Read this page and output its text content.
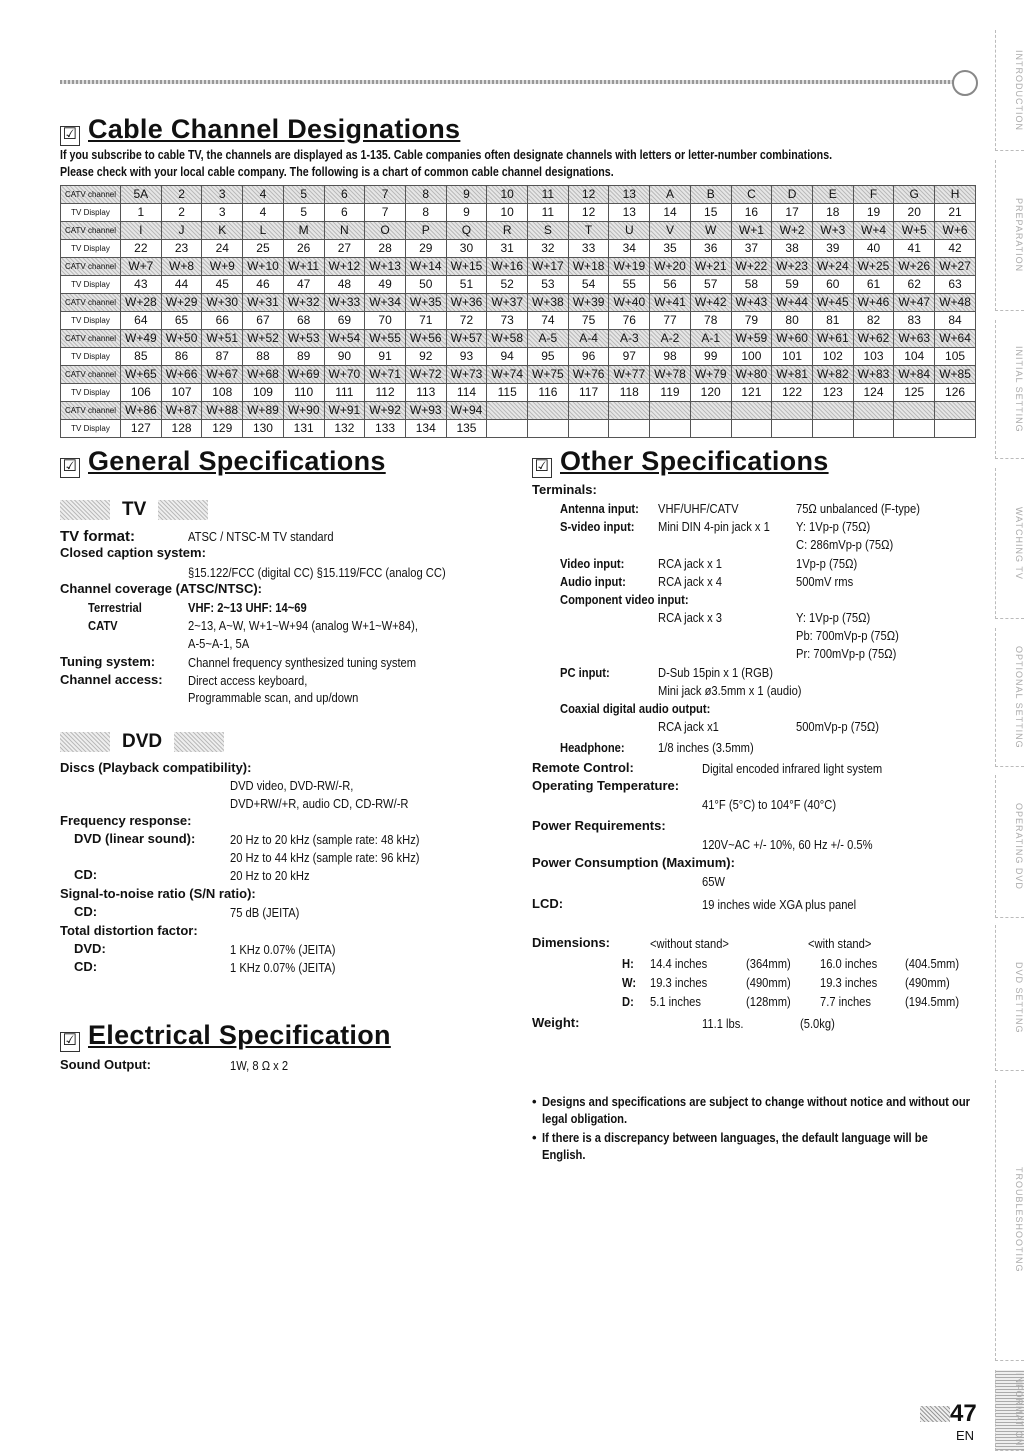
☑ Cable Channel Designations
If you subscribe to cable TV, the channels are displayed as 1-135. Cable companies often designate channels with letters or letter-number combinations.
Please check with your local cable company. The following is a chart of common cable channel designations.
CATV channel	5A	2	3	4	5	6	7	8	9	10	11	12	13	A	B	C	D	E	F	G	H
TV Display	1	2	3	4	5	6	7	8	9	10	11	12	13	14	15	16	17	18	19	20	21
CATV channel	I	J	K	L	M	N	O	P	Q	R	S	T	U	V	W	W+1	W+2	W+3	W+4	W+5	W+6
TV Display	22	23	24	25	26	27	28	29	30	31	32	33	34	35	36	37	38	39	40	41	42
CATV channel	W+7	W+8	W+9	W+10	W+11	W+12	W+13	W+14	W+15	W+16	W+17	W+18	W+19	W+20	W+21	W+22	W+23	W+24	W+25	W+26	W+27
TV Display	43	44	45	46	47	48	49	50	51	52	53	54	55	56	57	58	59	60	61	62	63
CATV channel	W+28	W+29	W+30	W+31	W+32	W+33	W+34	W+35	W+36	W+37	W+38	W+39	W+40	W+41	W+42	W+43	W+44	W+45	W+46	W+47	W+48
TV Display	64	65	66	67	68	69	70	71	72	73	74	75	76	77	78	79	80	81	82	83	84
CATV channel	W+49	W+50	W+51	W+52	W+53	W+54	W+55	W+56	W+57	W+58	A-5	A-4	A-3	A-2	A-1	W+59	W+60	W+61	W+62	W+63	W+64
TV Display	85	86	87	88	89	90	91	92	93	94	95	96	97	98	99	100	101	102	103	104	105
CATV channel	W+65	W+66	W+67	W+68	W+69	W+70	W+71	W+72	W+73	W+74	W+75	W+76	W+77	W+78	W+79	W+80	W+81	W+82	W+83	W+84	W+85
TV Display	106	107	108	109	110	111	112	113	114	115	116	117	118	119	120	121	122	123	124	125	126
CATV channel	W+86	W+87	W+88	W+89	W+90	W+91	W+92	W+93	W+94												
TV Display	127	128	129	130	131	132	133	134	135												
☑ General Specifications
TV
TV format:	ATSC / NTSC-M TV standard
Closed caption system:
§15.122/FCC (digital CC) §15.119/FCC (analog CC)
Channel coverage (ATSC/NTSC):
Terrestrial	VHF: 2~13 UHF: 14~69
CATV	2~13, A~W, W+1~W+94 (analog W+1~W+84),
A-5~A-1, 5A
Tuning system:	Channel frequency synthesized tuning system
Channel access: Direct access keyboard,
Programmable scan, and up/down
DVD
Discs (Playback compatibility):
DVD video, DVD-RW/-R,
DVD+RW/+R, audio CD, CD-RW/-R
Frequency response:
DVD (linear sound):	20 Hz to 20 kHz (sample rate: 48 kHz)
20 Hz to 44 kHz (sample rate: 96 kHz)
CD:	20 Hz to 20 kHz
Signal-to-noise ratio (S/N ratio):
CD:	75 dB (JEITA)
Total distortion factor:
DVD:	1 KHz 0.07% (JEITA)
CD:	1 KHz 0.07% (JEITA)
☑ Electrical Specification
Sound Output:	1W, 8 Ω x 2
☑ Other Specifications
Terminals:
Antenna input:	VHF/UHF/CATV	75Ω unbalanced (F-type)
S-video input:	Mini DIN 4-pin jack x 1	Y: 1Vp-p (75Ω)
C: 286mVp-p (75Ω)
Video input:	RCA jack x 1	1Vp-p (75Ω)
Audio input:	RCA jack x 4	500mV rms
Component video input:
RCA jack x 3	Y: 1Vp-p (75Ω)
Pb: 700mVp-p (75Ω)
Pr: 700mVp-p (75Ω)
PC input:	D-Sub 15pin x 1 (RGB)
Mini jack ø3.5mm x 1 (audio)
Coaxial digital audio output:
RCA jack x1	500mVp-p (75Ω)
Headphone:	1/8 inches (3.5mm)
Remote Control:	Digital encoded infrared light system
Operating Temperature:
41°F (5°C) to 104°F (40°C)
Power Requirements:
120V~AC +/- 10%, 60 Hz +/- 0.5%
Power Consumption (Maximum):
65W
LCD:	19 inches wide XGA plus panel
Dimensions:	<without stand>	<with stand>
H: 14.4 inches	(364mm)	16.0 inches	(404.5mm)
W: 19.3 inches	(490mm)	19.3 inches	(490mm)
D: 5.1 inches	(128mm)	7.7 inches	(194.5mm)
Weight:	11.1 lbs.	(5.0kg)
• Designs and specifications are subject to change without notice and without our legal obligation.
• If there is a discrepancy between languages, the default language will be English.
INTRODUCTION
PREPARATION
INITIAL SETTING
WATCHING TV
OPTIONAL SETTING
OPERATING DVD
DVD SETTING
TROUBLESHOOTING
INFORMATION
47
EN
